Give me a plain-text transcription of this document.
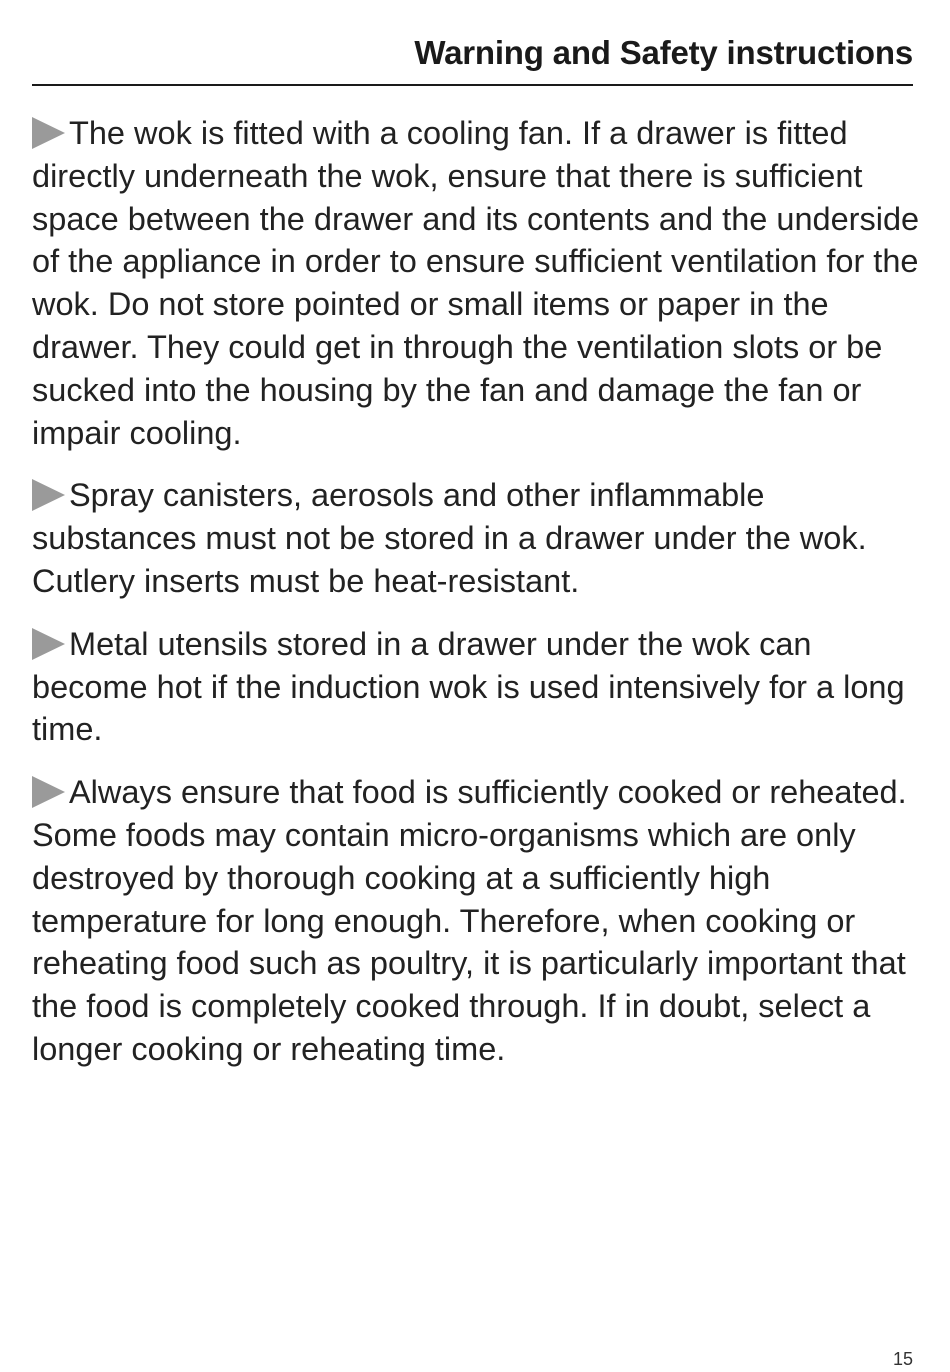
Warning and Safety instructions

The wok is fitted with a cooling fan. If a drawer is fitted directly underneath the wok, ensure that there is sufficient space between the drawer and its contents and the underside of the appliance in order to ensure sufficient ventilation for the wok. Do not store pointed or small items or paper in the drawer. They could get in through the ventilation slots or be sucked into the housing by the fan and damage the fan or impair cooling.

Spray canisters, aerosols and other inflammable substances must not be stored in a drawer under the wok. Cutlery inserts must be heat-resistant.

Metal utensils stored in a drawer under the wok can become hot if the induction wok is used intensively for a long time.

Always ensure that food is sufficiently cooked or reheated. Some foods may contain micro-organisms which are only destroyed by thorough cooking at a sufficiently high temperature for long enough. Therefore, when cooking or reheating food such as poultry, it is particularly important that the food is completely cooked through. If in doubt, select a longer cooking or reheating time.

15
